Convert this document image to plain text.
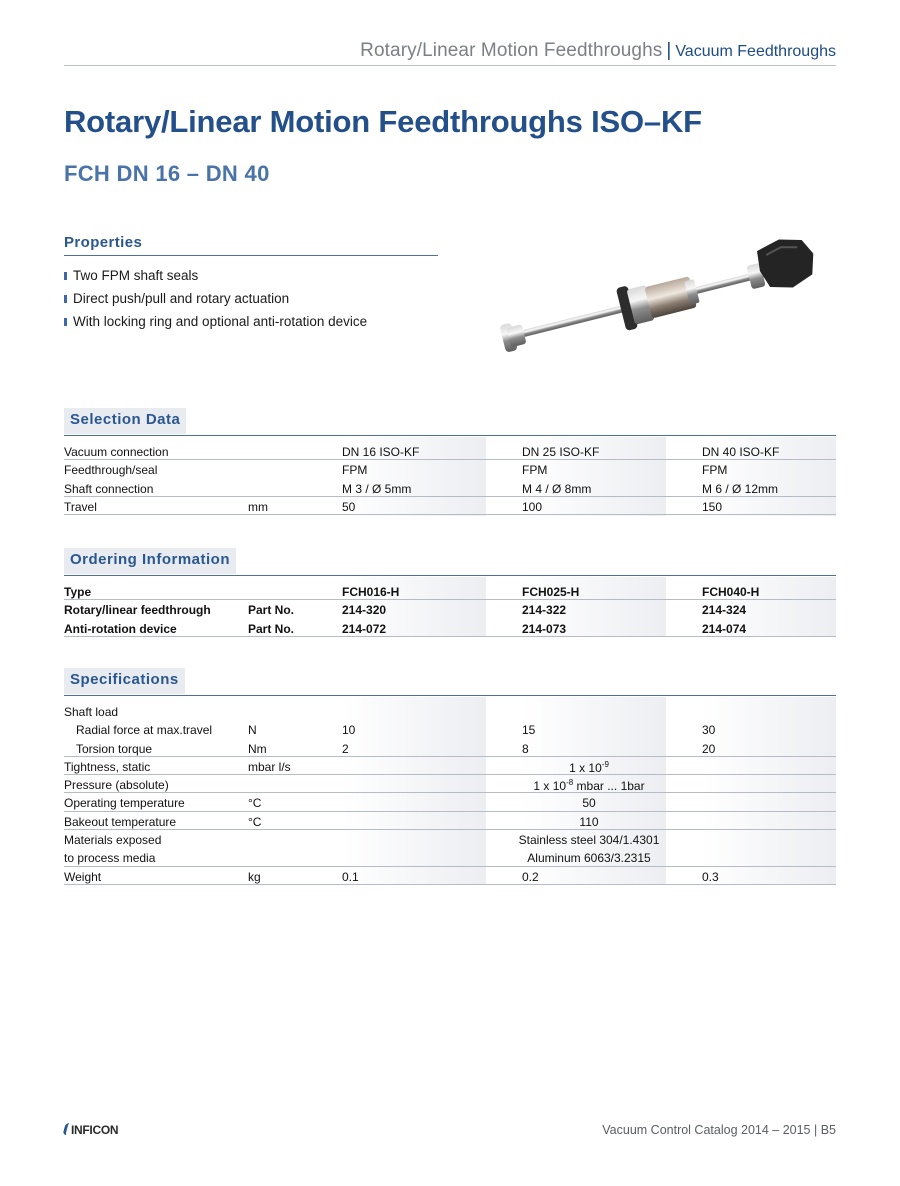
Rotary/Linear Motion Feedthroughs | Vacuum Feedthroughs
Rotary/Linear Motion Feedthroughs ISO–KF
FCH DN 16 – DN 40
Properties
Two FPM shaft seals
Direct push/pull and rotary actuation
With locking ring and optional anti-rotation device
Selection Data
Vacuum connection	DN 16 ISO-KF	DN 25 ISO-KF	DN 40 ISO-KF
Feedthrough/seal	FPM	FPM	FPM
Shaft connection	M 3 / Ø 5mm	M 4 / Ø 8mm	M 6 / Ø 12mm
Travel	mm	50	100	150
Ordering Information
Type	FCH016-H	FCH025-H	FCH040-H
Rotary/linear feedthrough	Part No.	214-320	214-322	214-324
Anti-rotation device	Part No.	214-072	214-073	214-074
Specifications
Shaft load
Radial force at max.travel	N	10	15	30
Torsion torque	Nm	2	8	20
Tightness, static	mbar l/s	1 x $10^{-9}$
Pressure (absolute)	1 x $10^{-8}$ mbar ... 1bar
Operating temperature	°C	50
Bakeout temperature	°C	110
Materials exposed	Stainless steel 304/1.4301
to process media	Aluminum 6063/3.2315
Weight	kg	0.1	0.2	0.3
INFICON	Vacuum Control Catalog 2014 – 2015 | B5
